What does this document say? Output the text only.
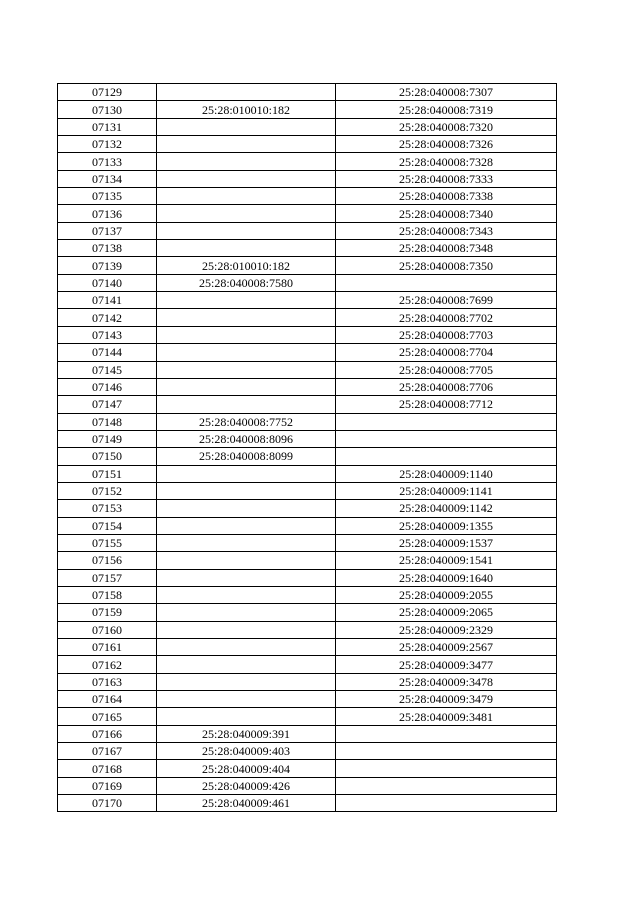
07129		25:28:040008:7307
07130	25:28:010010:182	25:28:040008:7319
07131		25:28:040008:7320
07132		25:28:040008:7326
07133		25:28:040008:7328
07134		25:28:040008:7333
07135		25:28:040008:7338
07136		25:28:040008:7340
07137		25:28:040008:7343
07138		25:28:040008:7348
07139	25:28:010010:182	25:28:040008:7350
07140	25:28:040008:7580	
07141		25:28:040008:7699
07142		25:28:040008:7702
07143		25:28:040008:7703
07144		25:28:040008:7704
07145		25:28:040008:7705
07146		25:28:040008:7706
07147		25:28:040008:7712
07148	25:28:040008:7752	
07149	25:28:040008:8096	
07150	25:28:040008:8099	
07151		25:28:040009:1140
07152		25:28:040009:1141
07153		25:28:040009:1142
07154		25:28:040009:1355
07155		25:28:040009:1537
07156		25:28:040009:1541
07157		25:28:040009:1640
07158		25:28:040009:2055
07159		25:28:040009:2065
07160		25:28:040009:2329
07161		25:28:040009:2567
07162		25:28:040009:3477
07163		25:28:040009:3478
07164		25:28:040009:3479
07165		25:28:040009:3481
07166	25:28:040009:391	
07167	25:28:040009:403	
07168	25:28:040009:404	
07169	25:28:040009:426	
07170	25:28:040009:461	
